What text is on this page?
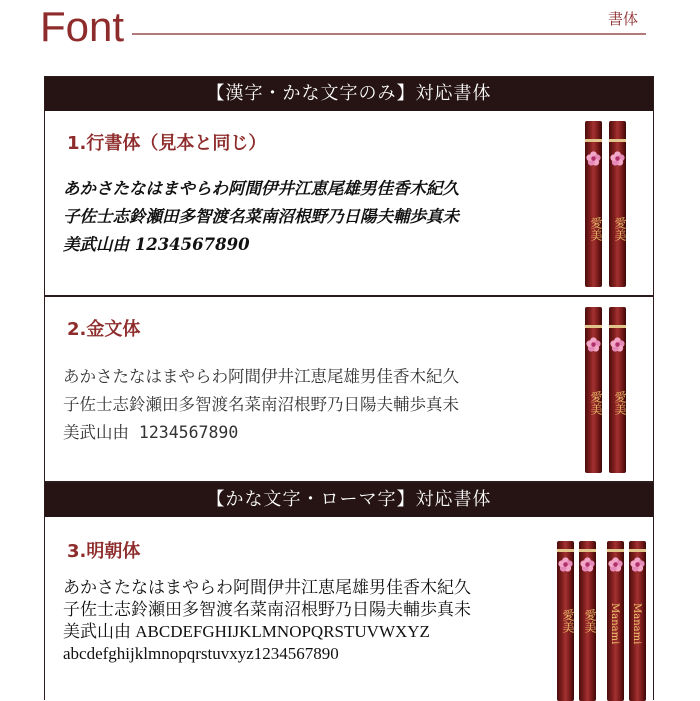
Font	書体
【漢字・かな文字のみ】対応書体
1.行書体（見本と同じ）
あかさたなはまやらわ阿間伊井江恵尾雄男佳香木紀久
子佐士志鈴瀬田多智渡名菜南沼根野乃日陽夫輔歩真未
美武山由 1234567890
愛美 愛美
2.金文体
あかさたなはまやらわ阿間伊井江恵尾雄男佳香木紀久
子佐士志鈴瀬田多智渡名菜南沼根野乃日陽夫輔歩真未
美武山由 1234567890
愛美 愛美
【かな文字・ローマ字】対応書体
3.明朝体
あかさたなはまやらわ阿間伊井江恵尾雄男佳香木紀久
子佐士志鈴瀬田多智渡名菜南沼根野乃日陽夫輔歩真未
美武山由 ABCDEFGHIJKLMNOPQRSTUVWXYZ
abcdefghijklmnopqrstuvxyz1234567890
愛美 愛美 Manami Manami
